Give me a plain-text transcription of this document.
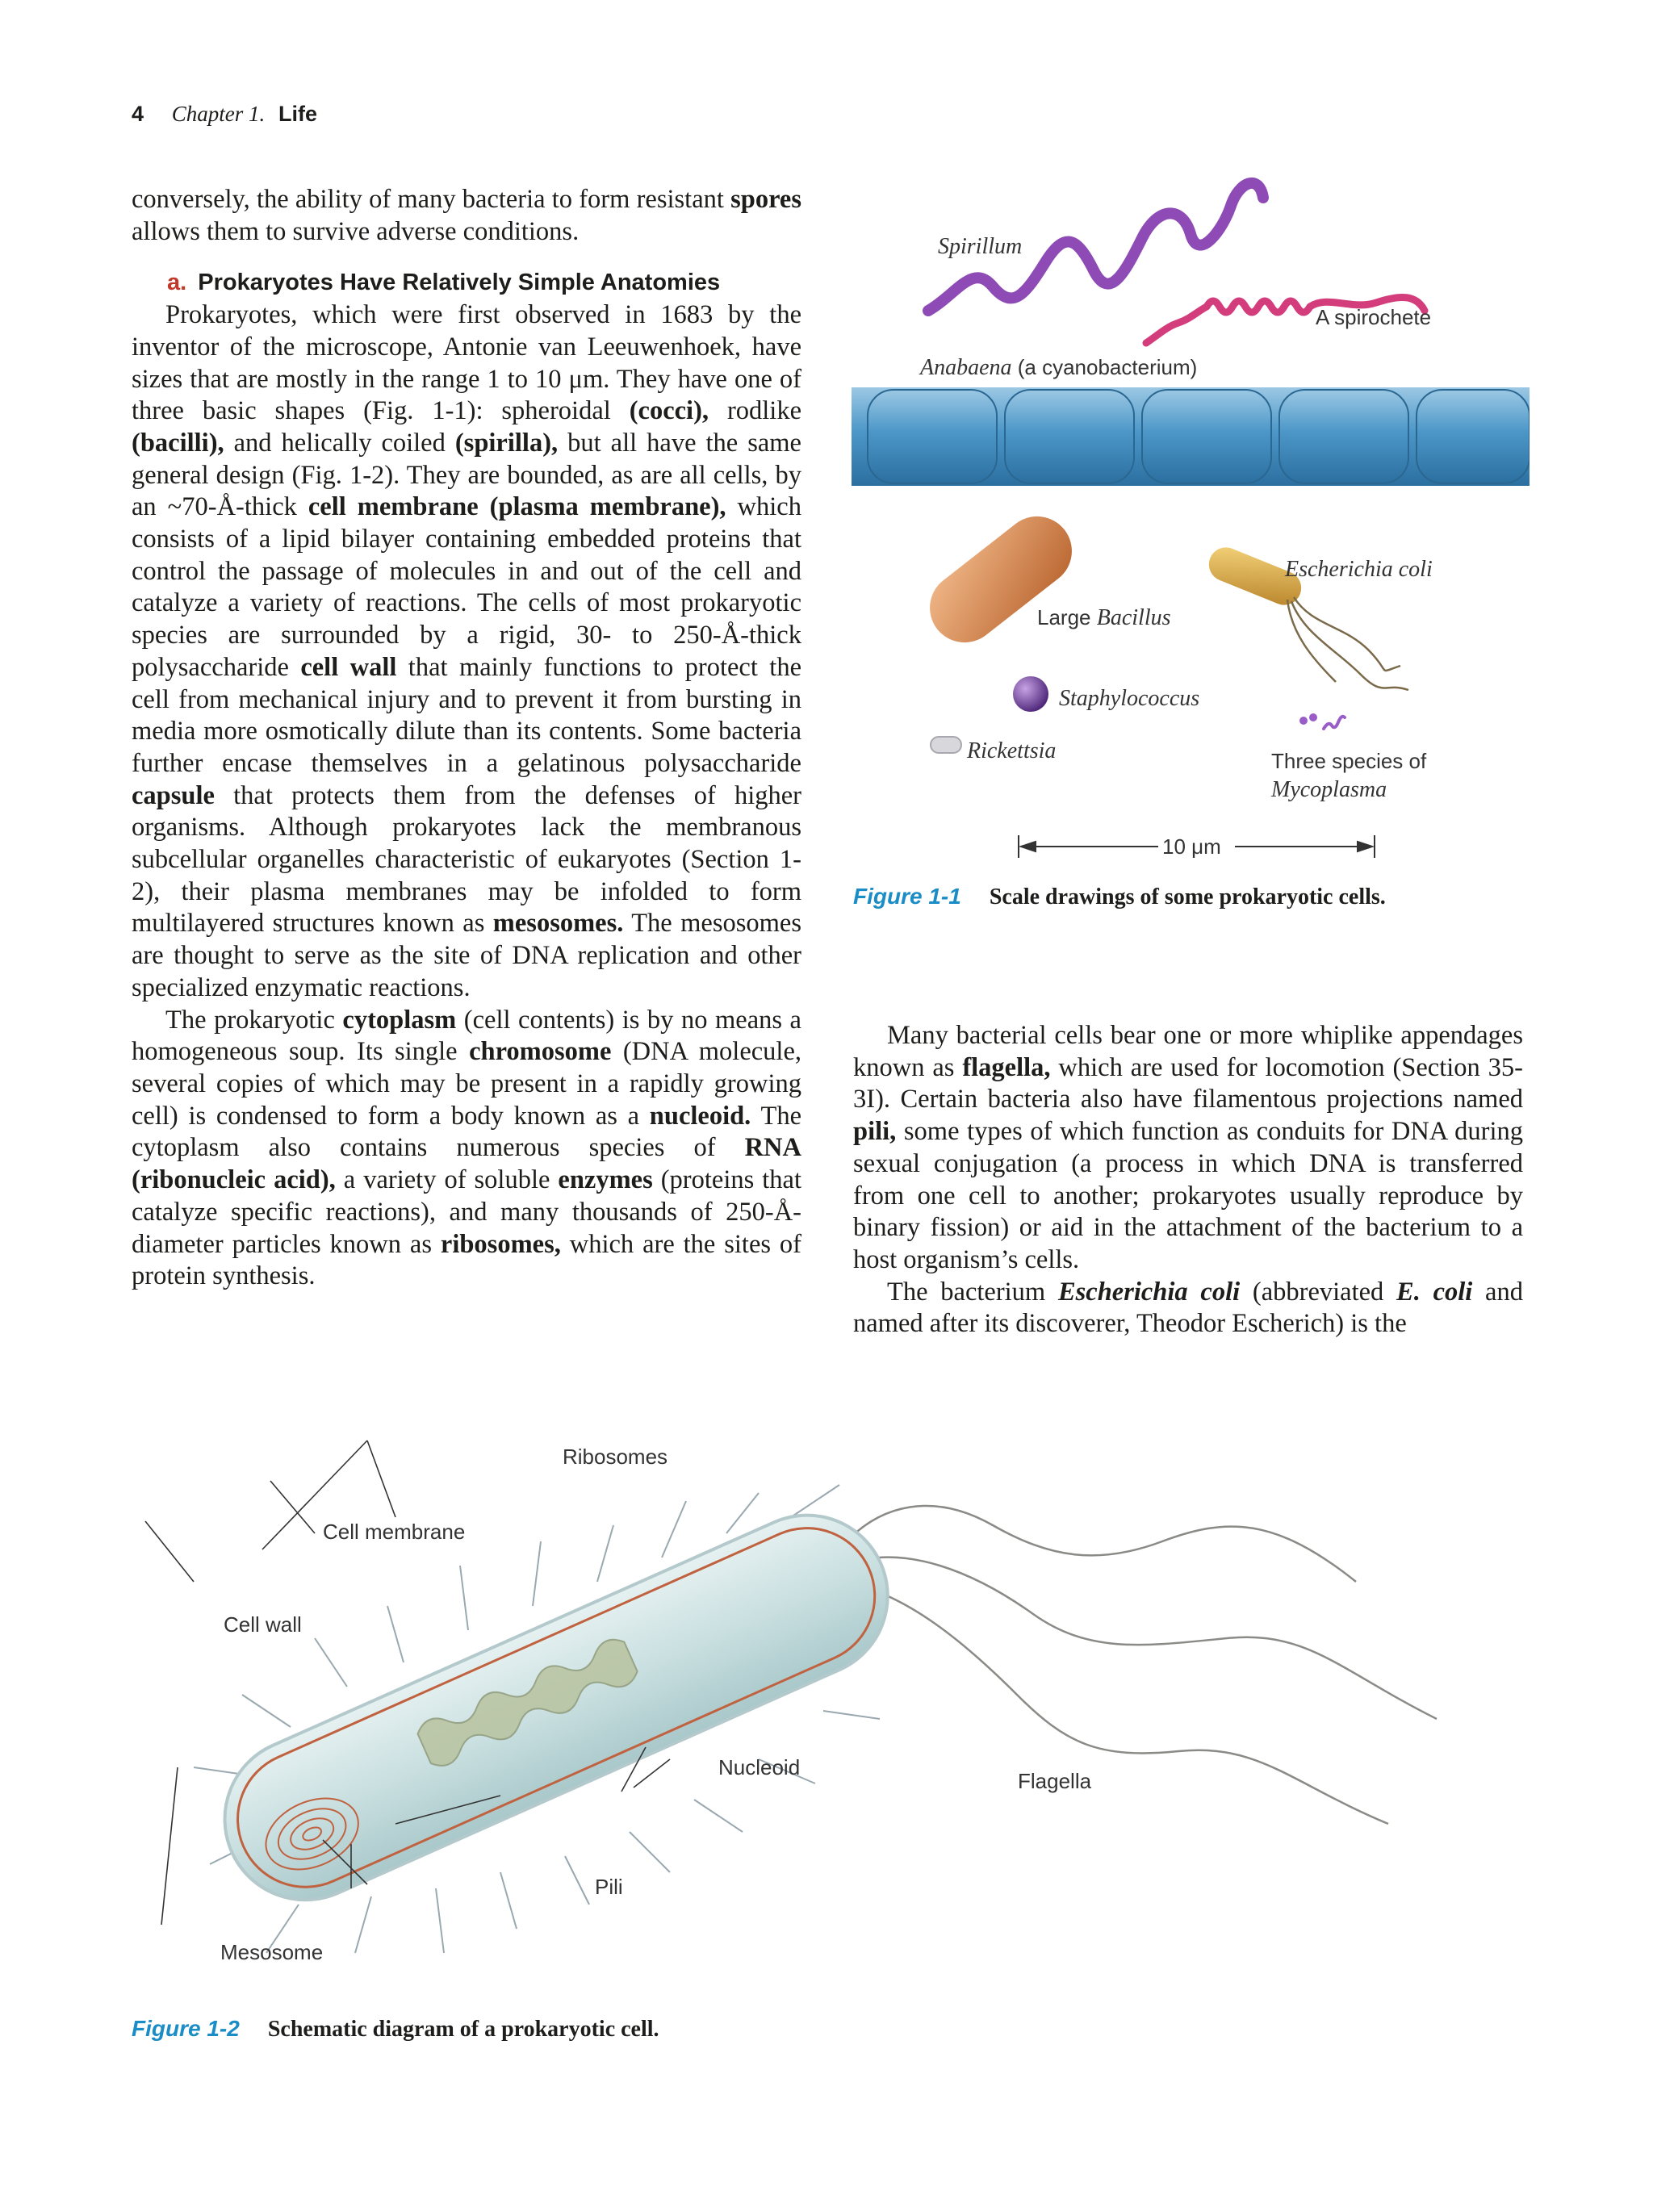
4 Chapter 1. Life

conversely, the ability of many bacteria to form resistant spores allows them to survive adverse conditions.

a. Prokaryotes Have Relatively Simple Anatomies

Prokaryotes, which were first observed in 1683 by the inventor of the microscope, Antonie van Leeuwenhoek, have sizes that are mostly in the range 1 to 10 μm. They have one of three basic shapes (Fig. 1-1): spheroidal (cocci), rodlike (bacilli), and helically coiled (spirilla), but all have the same general design (Fig. 1-2). They are bounded, as are all cells, by an ~70-Å-thick cell membrane (plasma membrane), which consists of a lipid bilayer containing embedded proteins that control the passage of molecules in and out of the cell and catalyze a variety of reactions. The cells of most prokaryotic species are surrounded by a rigid, 30- to 250-Å-thick polysaccharide cell wall that mainly functions to protect the cell from mechanical injury and to prevent it from bursting in media more osmotically dilute than its contents. Some bacteria further encase themselves in a gelatinous polysaccharide capsule that protects them from the defenses of higher organisms. Although prokaryotes lack the membranous subcellular organelles characteristic of eukaryotes (Section 1-2), their plasma membranes may be infolded to form multilayered structures known as mesosomes. The mesosomes are thought to serve as the site of DNA replication and other specialized enzymatic reactions.

The prokaryotic cytoplasm (cell contents) is by no means a homogeneous soup. Its single chromosome (DNA molecule, several copies of which may be present in a rapidly growing cell) is condensed to form a body known as a nucleoid. The cytoplasm also contains numerous species of RNA (ribonucleic acid), a variety of soluble enzymes (proteins that catalyze specific reactions), and many thousands of 250-Å-diameter particles known as ribosomes, which are the sites of protein synthesis.

Many bacterial cells bear one or more whiplike appendages known as flagella, which are used for locomotion (Section 35-3I). Certain bacteria also have filamentous projections named pili, some types of which function as conduits for DNA during sexual conjugation (a process in which DNA is transferred from one cell to another; prokaryotes usually reproduce by binary fission) or aid in the attachment of the bacterium to a host organism’s cells.

The bacterium Escherichia coli (abbreviated E. coli and named after its discoverer, Theodor Escherich) is the

Spirillum
A spirochete
Anabaena (a cyanobacterium)
Escherichia coli
Large Bacillus
Staphylococcus
Rickettsia	Three species of
Mycoplasma
10 μm
Figure 1-1 Scale drawings of some prokaryotic cells.
Ribosomes
Cell membrane
Cell wall
Nucleoid
Flagella
Pili
Mesosome
Figure 1-2 Schematic diagram of a prokaryotic cell.
